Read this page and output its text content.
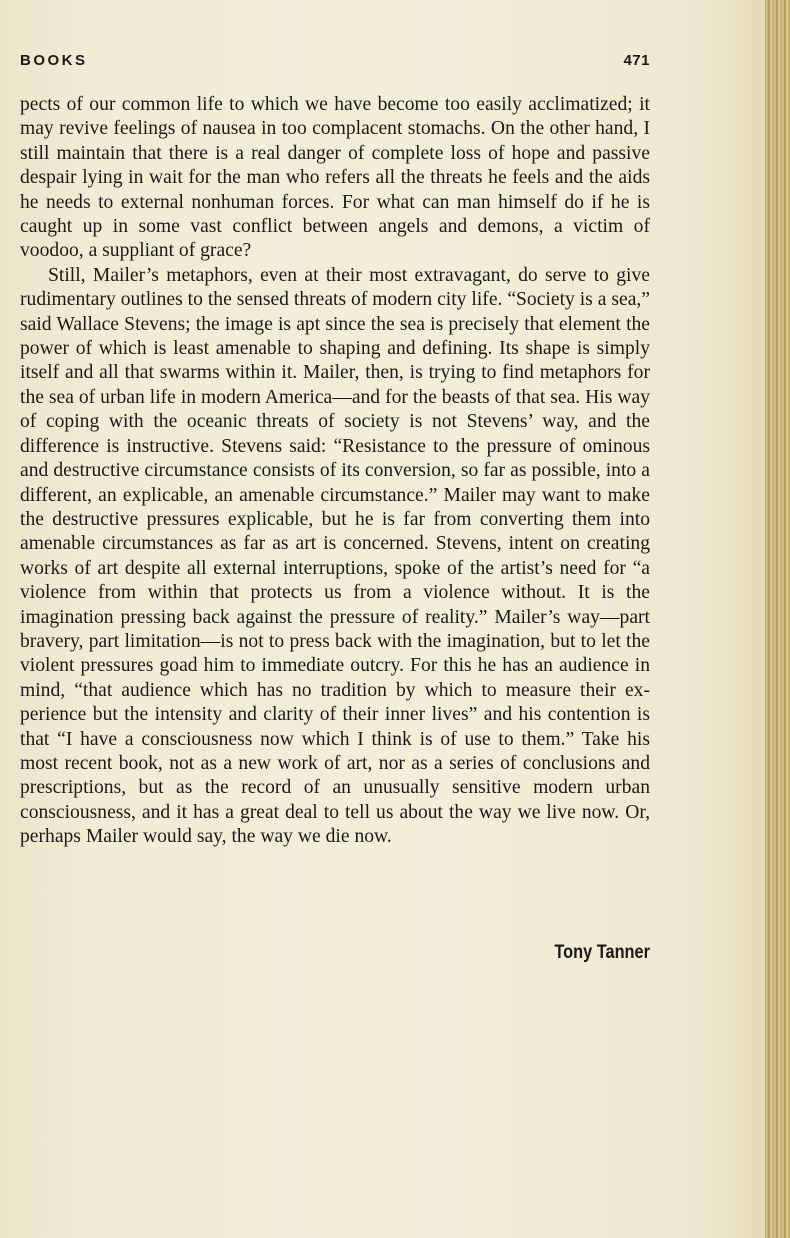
BOOKS	471

pects of our common life to which we have become too easily acclimatized; it may revive feelings of nausea in too complacent stomachs. On the other hand, I still maintain that there is a real danger of complete loss of hope and passive despair lying in wait for the man who refers all the threats he feels and the aids he needs to external nonhuman forces. For what can man himself do if he is caught up in some vast conflict between angels and demons, a victim of voodoo, a suppliant of grace?

Still, Mailer’s metaphors, even at their most extravagant, do serve to give rudimentary outlines to the sensed threats of modern city life. “Society is a sea,” said Wallace Stevens; the image is apt since the sea is precisely that element the power of which is least amenable to shaping and defining. Its shape is simply itself and all that swarms within it. Mailer, then, is trying to find metaphors for the sea of urban life in modern America—and for the beasts of that sea. His way of coping with the oceanic threats of society is not Stevens’ way, and the difference is instructive. Stevens said: “Resistance to the pressure of ominous and destructive circumstance consists of its conversion, so far as possible, into a different, an explicable, an amenable circumstance.” Mailer may want to make the destructive pressures explicable, but he is far from converting them into amenable circumstances as far as art is concerned. Stevens, intent on creating works of art despite all external interruptions, spoke of the artist’s need for “a violence from within that protects us from a violence without. It is the imagination pressing back against the pressure of reality.” Mailer’s way—part bravery, part limitation—is not to press back with the imagination, but to let the violent pressures goad him to immediate outcry. For this he has an audience in mind, “that audience which has no tradition by which to measure their experience but the intensity and clarity of their inner lives” and his contention is that “I have a consciousness now which I think is of use to them.” Take his most recent book, not as a new work of art, nor as a series of conclusions and prescriptions, but as the record of an unusually sensitive modern urban consciousness, and it has a great deal to tell us about the way we live now. Or, perhaps Mailer would say, the way we die now.

Tony Tanner
